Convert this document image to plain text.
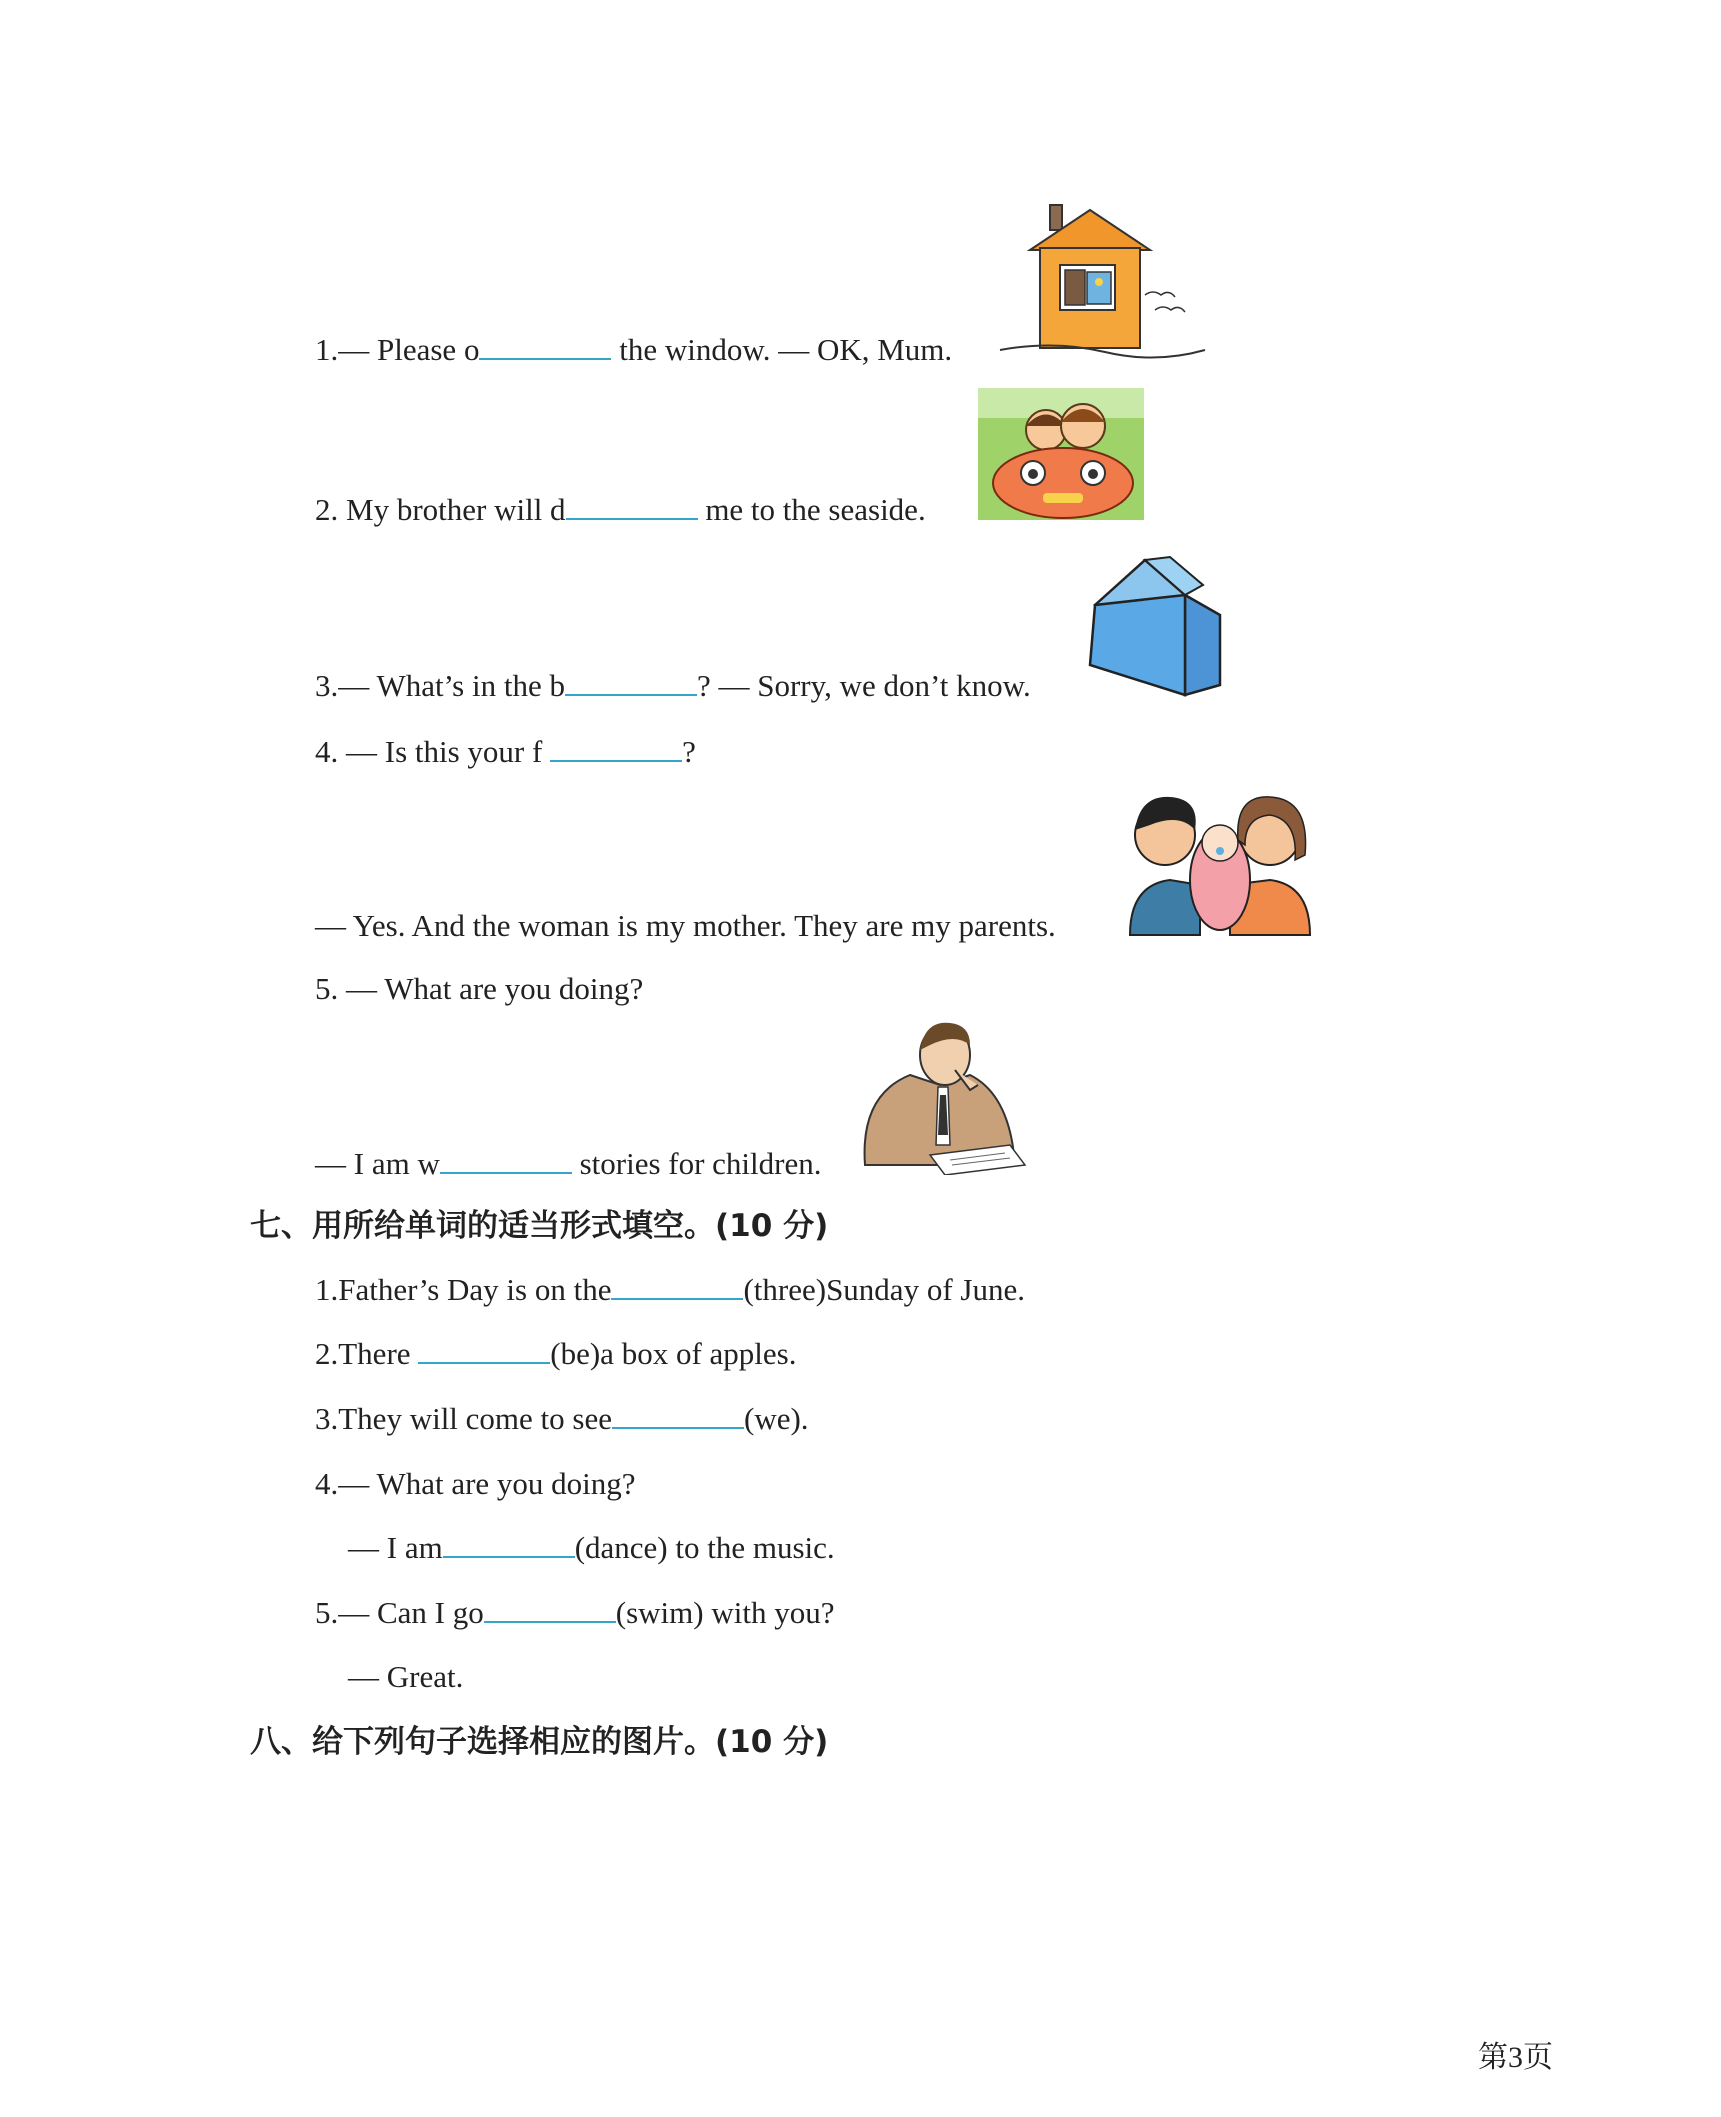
1.— Please o	the window. — OK, Mum.
2. My brother will d	me to the seaside.
3.— What’s in the b	? — Sorry, we don’t know.
4. — Is this your f	?
— Yes. And the woman is my mother. They are my parents.
5. — What are you doing?
— I am w	stories for children.
七、用所给单词的适当形式填空。(10 分)
1.Father’s Day is on the	(three)Sunday of June.
2.There	(be)a box of apples.
3.They will come to see	(we).
4.— What are you doing?
— I am	(dance) to the music.
5.— Can I go	(swim) with you?
— Great.
八、给下列句子选择相应的图片。(10 分)
第3页
